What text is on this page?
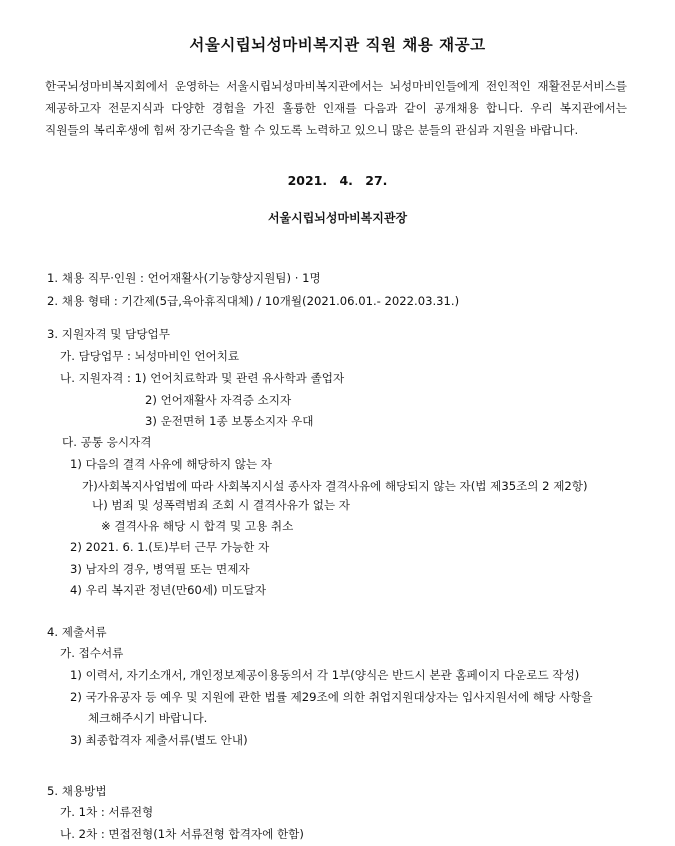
서울시립뇌성마비복지관 직원 채용 재공고
한국뇌성마비복지회에서 운영하는 서울시립뇌성마비복지관에서는 뇌성마비인들에게 전인적인 재활전문서비스를 제공하고자 전문지식과 다양한 경험을 가진 훌륭한 인재를 다음과 같이 공개채용 합니다. 우리 복지관에서는 직원들의 복리후생에 힘써 장기근속을 할 수 있도록 노력하고 있으니 많은 분들의 관심과 지원을 바랍니다.
2021. 4. 27.
서울시립뇌성마비복지관장
1. 채용 직무·인원 : 언어재활사(기능향상지원팀) · 1명
2. 채용 형태 : 기간제(5급,육아휴직대체) / 10개월(2021.06.01.- 2022.03.31.)
3. 지원자격 및 담당업무
가. 담당업무 : 뇌성마비인 언어치료
나. 지원자격 : 1) 언어치료학과 및 관련 유사학과 졸업자
2) 언어재활사 자격증 소지자
3) 운전면허 1종 보통소지자 우대
다. 공통 응시자격
1) 다음의 결격 사유에 해당하지 않는 자
가)사회복지사업법에 따라 사회복지시설 종사자 결격사유에 해당되지 않는 자(법 제35조의 2 제2항)
나) 범죄 및 성폭력범죄 조회 시 결격사유가 없는 자
※ 결격사유 해당 시 합격 및 고용 취소
2) 2021. 6. 1.(토)부터 근무 가능한 자
3) 남자의 경우, 병역필 또는 면제자
4) 우리 복지관 정년(만60세) 미도달자
4. 제출서류
가. 접수서류
1) 이력서, 자기소개서, 개인정보제공이용동의서 각 1부(양식은 반드시 본관 홈페이지 다운로드 작성)
2) 국가유공자 등 예우 및 지원에 관한 법률 제29조에 의한 취업지원대상자는 입사지원서에 해당 사항을
체크해주시기 바랍니다.
3) 최종합격자 제출서류(별도 안내)
5. 채용방법
가. 1차 : 서류전형
나. 2차 : 면접전형(1차 서류전형 합격자에 한함)
